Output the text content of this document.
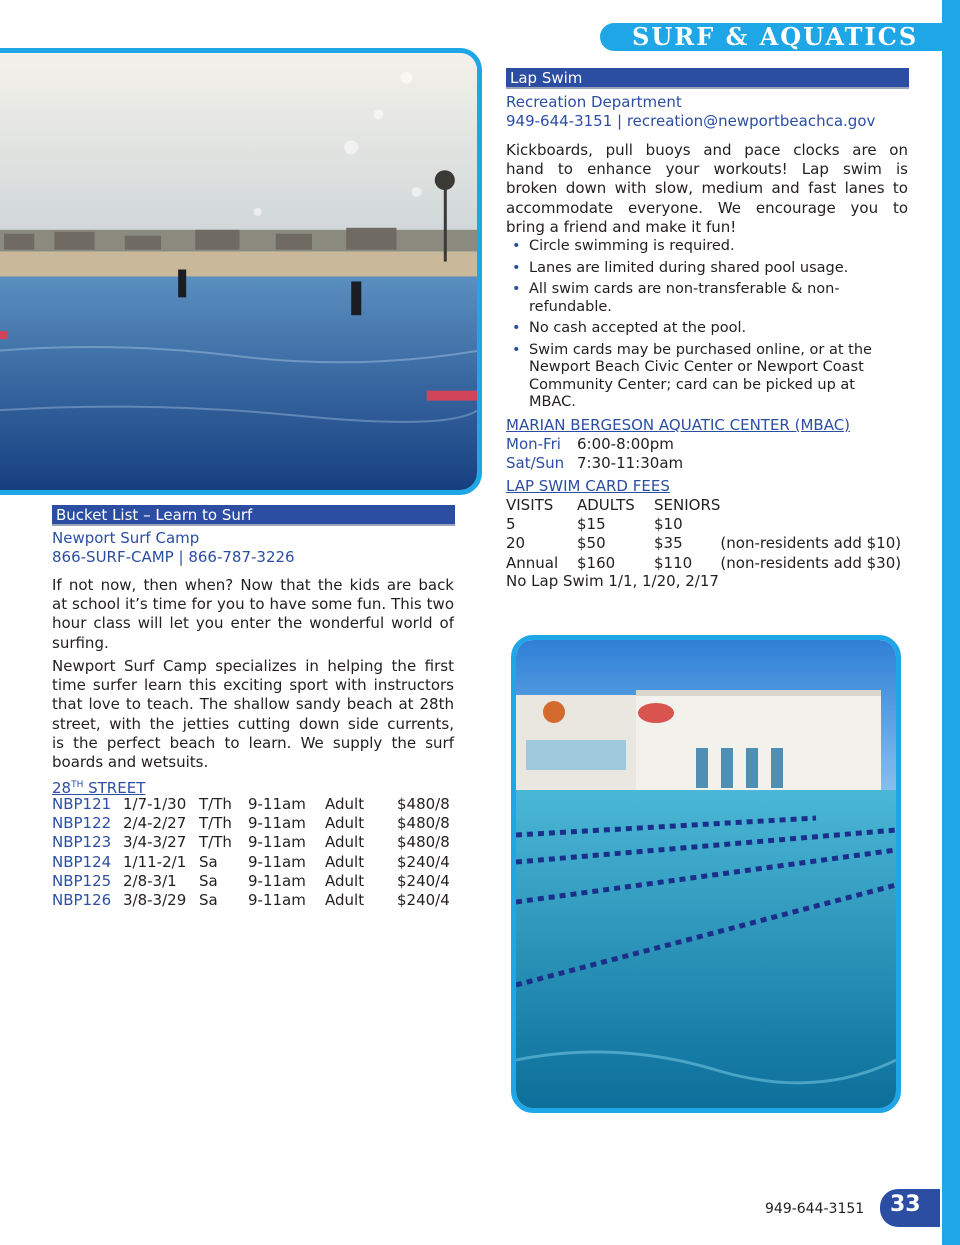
SURF & AQUATICS
Lap Swim
Recreation Department
949-644-3151 | recreation@newportbeachca.gov
Kickboards, pull buoys and pace clocks are on
hand to enhance your workouts! Lap swim is
broken down with slow, medium and fast lanes to
accommodate everyone. We encourage you to
bring a friend and make it fun!
• Circle swimming is required.
• Lanes are limited during shared pool usage.
• All swim cards are non-transferable & non-refundable.
• No cash accepted at the pool.
• Swim cards may be purchased online, or at the Newport Beach Civic Center or Newport Coast Community Center; card can be picked up at MBAC.
MARIAN BERGESON AQUATIC CENTER (MBAC)
Mon-Fri	6:00-8:00pm
Sat/Sun	7:30-11:30am
LAP SWIM CARD FEES
VISITS	ADULTS	SENIORS	
5	$15	$10	
20	$50	$35	(non-residents add $10)
Annual	$160	$110	(non-residents add $30)
No Lap Swim 1/1, 1/20, 2/17
Bucket List – Learn to Surf
Newport Surf Camp
866-SURF-CAMP | 866-787-3226
If not now, then when? Now that the kids are back
at school it’s time for you to have some fun. This two
hour class will let you enter the wonderful world of
surfing.
Newport Surf Camp specializes in helping the first
time surfer learn this exciting sport with instructors
that love to teach. The shallow sandy beach at 28th
street, with the jetties cutting down side currents,
is the perfect beach to learn. We supply the surf
boards and wetsuits.
28TH STREET
NBP121	1/7-1/30	T/Th	9-11am	Adult	$480/8
NBP122	2/4-2/27	T/Th	9-11am	Adult	$480/8
NBP123	3/4-3/27	T/Th	9-11am	Adult	$480/8
NBP124	1/11-2/1	Sa	9-11am	Adult	$240/4
NBP125	2/8-3/1	Sa	9-11am	Adult	$240/4
NBP126	3/8-3/29	Sa	9-11am	Adult	$240/4
949-644-3151 33
